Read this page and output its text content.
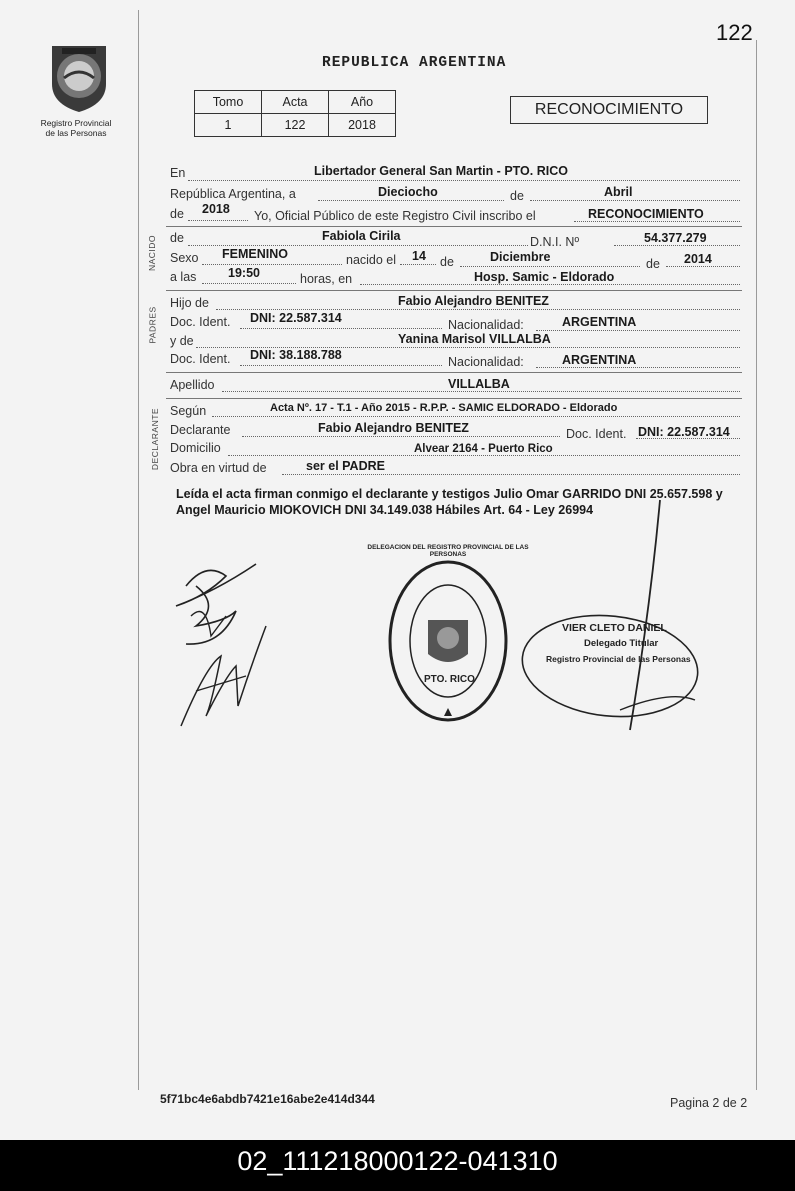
122
Registro Provincial
de las Personas
REPUBLICA ARGENTINA
Tomo	Acta	Año
1	122	2018
RECONOCIMIENTO
NACIDO
PADRES
DECLARANTE
En	Libertador General San Martin - PTO. RICO
República Argentina, a	Dieciocho	de	Abril
de 2018 Yo, Oficial Público de este Registro Civil inscribo el	RECONOCIMIENTO
de	Fabiola Cirila	D.N.I. Nº	54.377.279
Sexo FEMENINO	nacido el 14 de	Diciembre	de 2014
a las	19:50	horas, en	Hosp. Samic - Eldorado
Hijo de	Fabio Alejandro BENITEZ
Doc. Ident. DNI: 22.587.314	Nacionalidad:	ARGENTINA
y de	Yanina Marisol VILLALBA
Doc. Ident. DNI: 38.188.788	Nacionalidad:	ARGENTINA
Apellido	VILLALBA
Según	Acta Nº. 17 - T.1 - Año 2015 - R.P.P. - SAMIC ELDORADO - Eldorado
Declarante	Fabio Alejandro BENITEZ	Doc. Ident. DNI: 22.587.314
Domicilio	Alvear 2164 - Puerto Rico
Obra en virtud de	ser el PADRE
Leída el acta firman conmigo el declarante y testigos Julio Omar GARRIDO DNI 25.657.598 y Angel Mauricio MIOKOVICH DNI 34.149.038 Hábiles Art. 64 - Ley 26994
DELEGACION DEL REGISTRO PROVINCIAL DE LAS PERSONAS
PTO. RICO
VIER CLETO DANIEL
Delegado Titular
Registro Provincial de las Personas
5f71bc4e6abdb7421e16abe2e414d344	Pagina 2 de 2
02_111218000122-041310
